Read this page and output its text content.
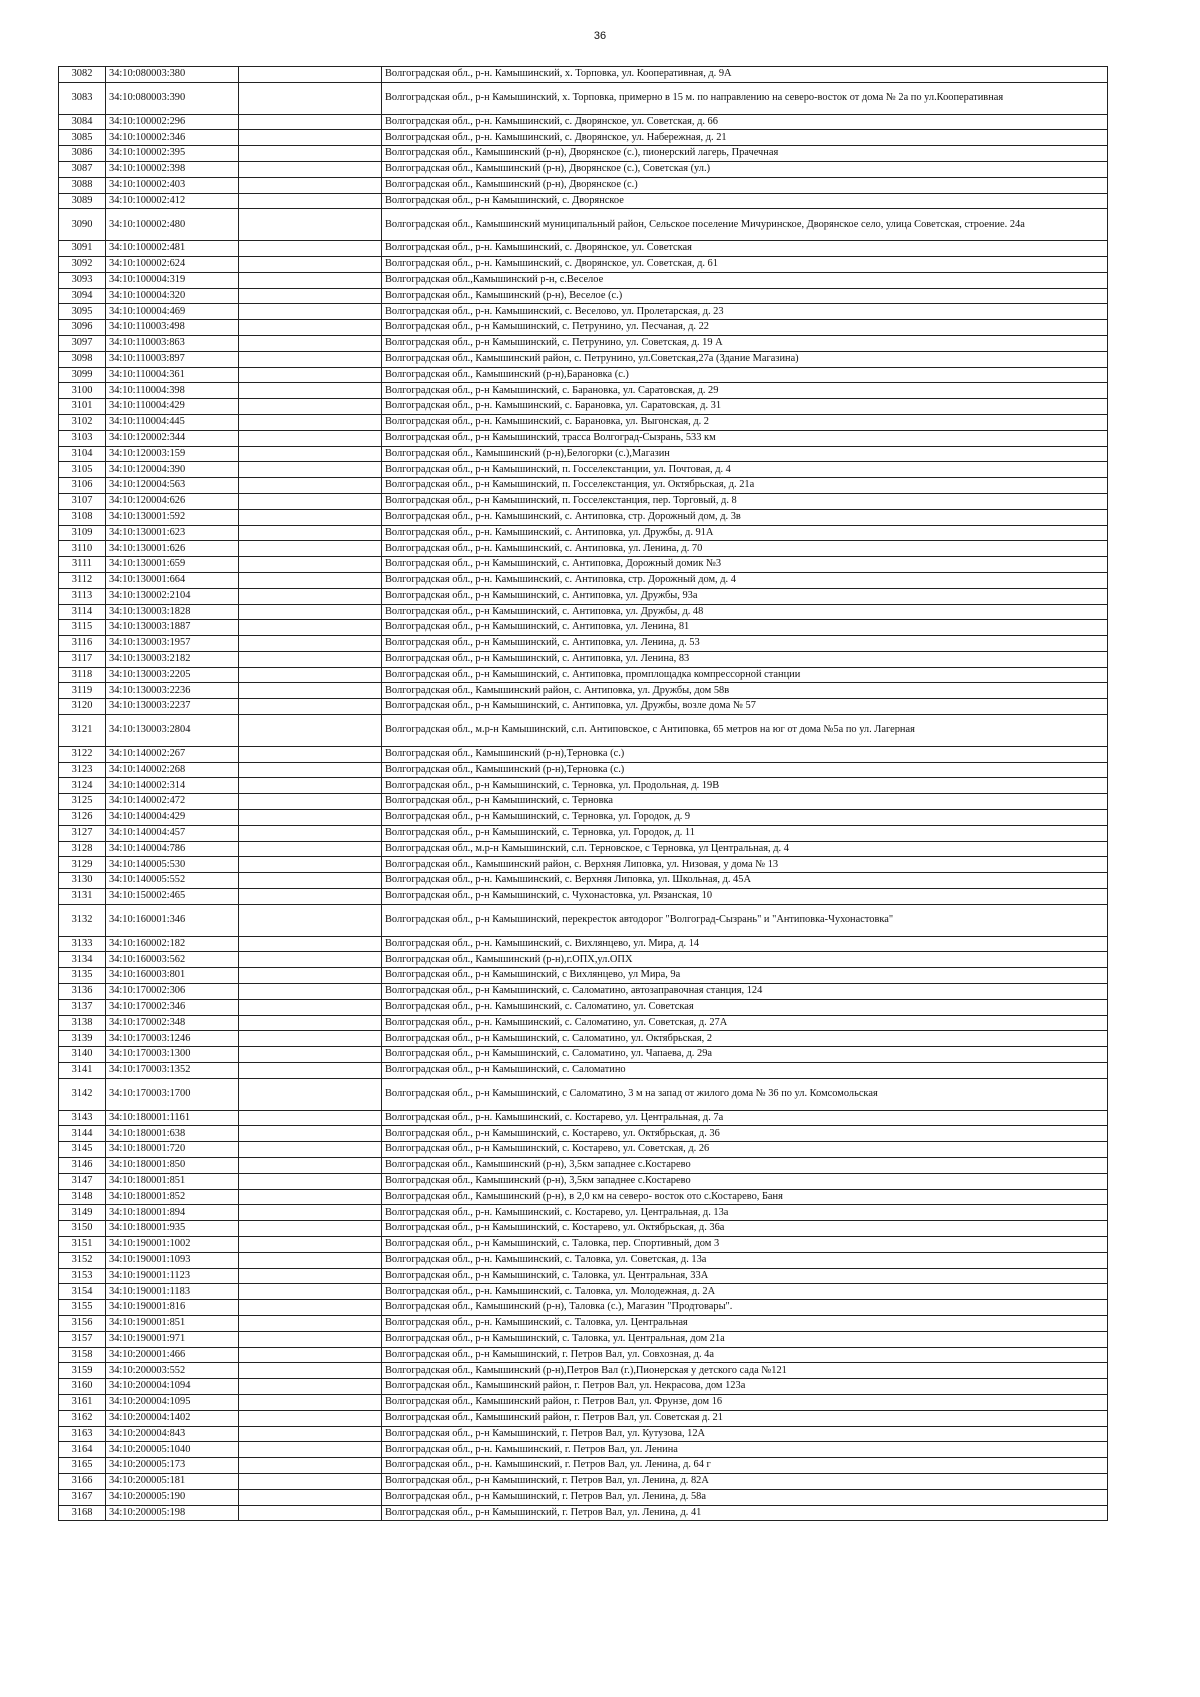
36
3082	34:10:080003:380		Волгоградская обл., р-н. Камышинский, х. Торповка, ул. Кооперативная, д. 9А
3083	34:10:080003:390		Волгоградская обл., р-н Камышинский, х. Торповка, примерно в 15 м. по направлению на северо-восток от дома № 2а по ул.Кооперативная
3084	34:10:100002:296		Волгоградская обл., р-н. Камышинский, с. Дворянское, ул. Советская, д. 66
3085	34:10:100002:346		Волгоградская обл., р-н. Камышинский, с. Дворянское, ул. Набережная, д. 21
3086	34:10:100002:395		Волгоградская обл., Камышинский (р-н), Дворянское (с.), пионерский лагерь, Прачечная
3087	34:10:100002:398		Волгоградская обл., Камышинский (р-н), Дворянское (с.), Советская (ул.)
3088	34:10:100002:403		Волгоградская обл., Камышинский (р-н), Дворянское (с.)
3089	34:10:100002:412		Волгоградская обл., р-н Камышинский, с. Дворянское
3090	34:10:100002:480		Волгоградская обл., Камышинский муниципальный район, Сельское поселение Мичуринское, Дворянское село, улица Советская, строение. 24а
3091	34:10:100002:481		Волгоградская обл., р-н. Камышинский, с. Дворянское, ул. Советская
3092	34:10:100002:624		Волгоградская обл., р-н. Камышинский, с. Дворянское, ул. Советская, д. 61
3093	34:10:100004:319		Волгоградская обл.,Камышинский р-н, с.Веселое
3094	34:10:100004:320		Волгоградская обл., Камышинский (р-н), Веселое (с.)
3095	34:10:100004:469		Волгоградская обл., р-н. Камышинский, с. Веселово, ул. Пролетарская, д. 23
3096	34:10:110003:498		Волгоградская обл., р-н Камышинский, с. Петрунино, ул. Песчаная, д. 22
3097	34:10:110003:863		Волгоградская обл., р-н Камышинский, с. Петрунино, ул. Советская, д. 19 А
3098	34:10:110003:897		Волгоградская обл., Камышинский район, с. Петрунино, ул.Советская,27а (Здание Магазина)
3099	34:10:110004:361		Волгоградская обл., Камышинский (р-н),Барановка (с.)
3100	34:10:110004:398		Волгоградская обл., р-н Камышинский, с. Барановка, ул. Саратовская, д. 29
3101	34:10:110004:429		Волгоградская обл., р-н. Камышинский, с. Барановка, ул. Саратовская, д. 31
3102	34:10:110004:445		Волгоградская обл., р-н. Камышинский, с. Барановка, ул. Выгонская, д. 2
3103	34:10:120002:344		Волгоградская обл., р-н Камышинский, трасса Волгоград-Сызрань, 533 км
3104	34:10:120003:159		Волгоградская обл., Камышинский (р-н),Белогорки (с.),Магазин
3105	34:10:120004:390		Волгоградская обл., р-н Камышинский, п. Госселекстанции, ул. Почтовая, д. 4
3106	34:10:120004:563		Волгоградская обл., р-н Камышинский, п. Госселекстанция, ул. Октябрьская, д. 21а
3107	34:10:120004:626		Волгоградская обл., р-н Камышинский, п. Госселекстанция, пер. Торговый, д. 8
3108	34:10:130001:592		Волгоградская обл., р-н. Камышинский, с. Антиповка, стр. Дорожный дом, д. 3в
3109	34:10:130001:623		Волгоградская обл., р-н. Камышинский, с. Антиповка, ул. Дружбы, д. 91А
3110	34:10:130001:626		Волгоградская обл., р-н. Камышинский, с. Антиповка, ул. Ленина, д. 70
3111	34:10:130001:659		Волгоградская обл., р-н Камышинский, с. Антиповка, Дорожный домик №3
3112	34:10:130001:664		Волгоградская обл., р-н. Камышинский, с. Антиповка, стр. Дорожный дом, д. 4
3113	34:10:130002:2104		Волгоградская обл., р-н Камышинский, с. Антиповка, ул. Дружбы, 93а
3114	34:10:130003:1828		Волгоградская обл., р-н Камышинский, с. Антиповка, ул. Дружбы, д. 48
3115	34:10:130003:1887		Волгоградская обл., р-н Камышинский, с. Антиповка, ул. Ленина, 81
3116	34:10:130003:1957		Волгоградская обл., р-н Камышинский, с. Антиповка, ул. Ленина, д. 53
3117	34:10:130003:2182		Волгоградская обл., р-н Камышинский, с. Антиповка, ул. Ленина, 83
3118	34:10:130003:2205		Волгоградская обл., р-н Камышинский, с. Антиповка, промплощадка компрессорной станции
3119	34:10:130003:2236		Волгоградская обл., Камышинский район, с. Антиповка, ул. Дружбы, дом 58в
3120	34:10:130003:2237		Волгоградская обл., р-н Камышинский, с. Антиповка, ул. Дружбы, возле дома № 57
3121	34:10:130003:2804		Волгоградская обл., м.р-н Камышинский, с.п. Антиповское, с Антиповка, 65 метров на юг от дома №5а по ул. Лагерная
3122	34:10:140002:267		Волгоградская обл., Камышинский (р-н),Терновка (с.)
3123	34:10:140002:268		Волгоградская обл., Камышинский (р-н),Терновка (с.)
3124	34:10:140002:314		Волгоградская обл., р-н Камышинский, с. Терновка, ул. Продольная, д. 19В
3125	34:10:140002:472		Волгоградская обл., р-н Камышинский, с. Терновка
3126	34:10:140004:429		Волгоградская обл., р-н Камышинский, с. Терновка, ул. Городок, д. 9
3127	34:10:140004:457		Волгоградская обл., р-н Камышинский, с. Терновка, ул. Городок, д. 11
3128	34:10:140004:786		Волгоградская обл., м.р-н Камышинский, с.п. Терновское, с Терновка, ул Центральная, д. 4
3129	34:10:140005:530		Волгоградская обл., Камышинский район, с. Верхняя Липовка, ул. Низовая, у дома № 13
3130	34:10:140005:552		Волгоградская обл., р-н. Камышинский, с. Верхняя Липовка, ул. Школьная, д. 45А
3131	34:10:150002:465		Волгоградская обл., р-н Камышинский, с. Чухонастовка, ул. Рязанская, 10
3132	34:10:160001:346		Волгоградская обл., р-н Камышинский, перекресток автодорог "Волгоград-Сызрань" и "Антиповка-Чухонастовка"
3133	34:10:160002:182		Волгоградская обл., р-н. Камышинский, с. Вихлянцево, ул. Мира, д. 14
3134	34:10:160003:562		Волгоградская обл., Камышинский (р-н),г.ОПХ,ул.ОПХ
3135	34:10:160003:801		Волгоградская обл., р-н Камышинский, с Вихлянцево, ул Мира, 9а
3136	34:10:170002:306		Волгоградская обл., р-н Камышинский, с. Саломатино, автозаправочная станция, 124
3137	34:10:170002:346		Волгоградская обл., р-н. Камышинский, с. Саломатино, ул. Советская
3138	34:10:170002:348		Волгоградская обл., р-н. Камышинский, с. Саломатино, ул. Советская, д. 27А
3139	34:10:170003:1246		Волгоградская обл., р-н Камышинский, с. Саломатино, ул. Октябрьская, 2
3140	34:10:170003:1300		Волгоградская обл., р-н Камышинский, с. Саломатино, ул. Чапаева, д. 29а
3141	34:10:170003:1352		Волгоградская обл., р-н Камышинский, с. Саломатино
3142	34:10:170003:1700		Волгоградская обл., р-н Камышинский, с Саломатино, 3 м на запад от жилого дома № 36 по ул. Комсомольская
3143	34:10:180001:1161		Волгоградская обл., р-н. Камышинский, с. Костарево, ул. Центральная, д. 7а
3144	34:10:180001:638		Волгоградская обл., р-н Камышинский, с. Костарево, ул. Октябрьская, д. 36
3145	34:10:180001:720		Волгоградская обл., р-н Камышинский, с. Костарево, ул. Советская, д. 26
3146	34:10:180001:850		Волгоградская обл., Камышинский (р-н), 3,5км западнее с.Костарево
3147	34:10:180001:851		Волгоградская обл., Камышинский (р-н), 3,5км западнее с.Костарево
3148	34:10:180001:852		Волгоградская обл., Камышинский (р-н), в 2,0 км на северо- восток ото с.Костарево, Баня
3149	34:10:180001:894		Волгоградская обл., р-н. Камышинский, с. Костарево, ул. Центральная, д. 13а
3150	34:10:180001:935		Волгоградская обл., р-н Камышинский, с. Костарево, ул. Октябрьская, д. 36а
3151	34:10:190001:1002		Волгоградская обл., р-н Камышинский, с. Таловка, пер. Спортивный, дом 3
3152	34:10:190001:1093		Волгоградская обл., р-н. Камышинский, с. Таловка, ул. Советская, д. 13а
3153	34:10:190001:1123		Волгоградская обл., р-н Камышинский, с. Таловка, ул. Центральная, 33А
3154	34:10:190001:1183		Волгоградская обл., р-н. Камышинский, с. Таловка, ул. Молодежная, д. 2А
3155	34:10:190001:816		Волгоградская обл., Камышинский (р-н), Таловка (с.), Магазин "Продтовары".
3156	34:10:190001:851		Волгоградская обл., р-н. Камышинский, с. Таловка, ул. Центральная
3157	34:10:190001:971		Волгоградская обл., р-н Камышинский, с. Таловка, ул. Центральная, дом 21а
3158	34:10:200001:466		Волгоградская обл., р-н Камышинский, г. Петров Вал, ул. Совхозная, д. 4а
3159	34:10:200003:552		Волгоградская обл., Камышинский (р-н),Петров Вал (г.),Пионерская у детского сада №121
3160	34:10:200004:1094		Волгоградская обл., Камышинский район, г. Петров Вал, ул. Некрасова, дом 123а
3161	34:10:200004:1095		Волгоградская обл., Камышинский район, г. Петров Вал, ул. Фрунзе, дом 16
3162	34:10:200004:1402		Волгоградская обл., Камышинский район, г. Петров Вал, ул. Советская д. 21
3163	34:10:200004:843		Волгоградская обл., р-н Камышинский, г. Петров Вал, ул. Кутузова, 12А
3164	34:10:200005:1040		Волгоградская обл., р-н. Камышинский, г. Петров Вал, ул. Ленина
3165	34:10:200005:173		Волгоградская обл., р-н. Камышинский, г. Петров Вал, ул. Ленина, д. 64 г
3166	34:10:200005:181		Волгоградская обл., р-н Камышинский, г. Петров Вал, ул. Ленина, д. 82А
3167	34:10:200005:190		Волгоградская обл., р-н Камышинский, г. Петров Вал, ул. Ленина, д. 58а
3168	34:10:200005:198		Волгоградская обл., р-н Камышинский, г. Петров Вал, ул. Ленина, д. 41
